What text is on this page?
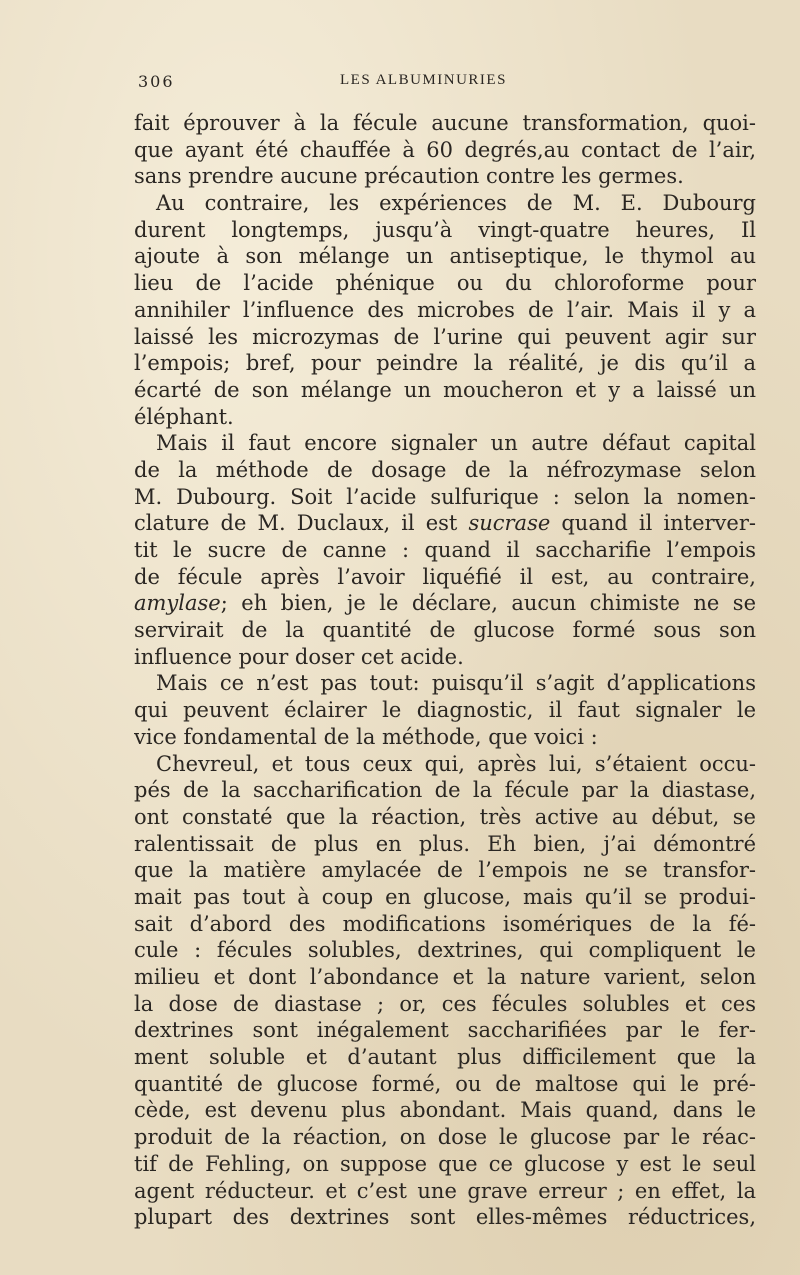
306	LES ALBUMINURIES
fait éprouver à la fécule aucune transformation, quoi-
que ayant été chauffée à 60 degrés,au contact de l’air,
sans prendre aucune précaution contre les germes.
Au contraire, les expériences de M. E. Dubourg
durent longtemps, jusqu’à vingt-quatre heures, Il
ajoute à son mélange un antiseptique, le thymol au
lieu de l’acide phénique ou du chloroforme pour
annihiler l’influence des microbes de l’air. Mais il y a
laissé les microzymas de l’urine qui peuvent agir sur
l’empois; bref, pour peindre la réalité, je dis qu’il a
écarté de son mélange un moucheron et y a laissé un
éléphant.
Mais il faut encore signaler un autre défaut capital
de la méthode de dosage de la néfrozymase selon
M. Dubourg. Soit l’acide sulfurique : selon la nomen-
clature de M. Duclaux, il est sucrase quand il interver-
tit le sucre de canne : quand il saccharifie l’empois
de fécule après l’avoir liquéfié il est, au contraire,
amylase; eh bien, je le déclare, aucun chimiste ne se
servirait de la quantité de glucose formé sous son
influence pour doser cet acide.
Mais ce n’est pas tout: puisqu’il s’agit d’applications
qui peuvent éclairer le diagnostic, il faut signaler le
vice fondamental de la méthode, que voici :
Chevreul, et tous ceux qui, après lui, s’étaient occu-
pés de la saccharification de la fécule par la diastase,
ont constaté que la réaction, très active au début, se
ralentissait de plus en plus. Eh bien, j’ai démontré
que la matière amylacée de l’empois ne se transfor-
mait pas tout à coup en glucose, mais qu’il se produi-
sait d’abord des modifications isomériques de la fé-
cule : fécules solubles, dextrines, qui compliquent le
milieu et dont l’abondance et la nature varient, selon
la dose de diastase ; or, ces fécules solubles et ces
dextrines sont inégalement saccharifiées par le fer-
ment soluble et d’autant plus difficilement que la
quantité de glucose formé, ou de maltose qui le pré-
cède, est devenu plus abondant. Mais quand, dans le
produit de la réaction, on dose le glucose par le réac-
tif de Fehling, on suppose que ce glucose y est le seul
agent réducteur. et c’est une grave erreur ; en effet, la
plupart des dextrines sont elles-mêmes réductrices,
